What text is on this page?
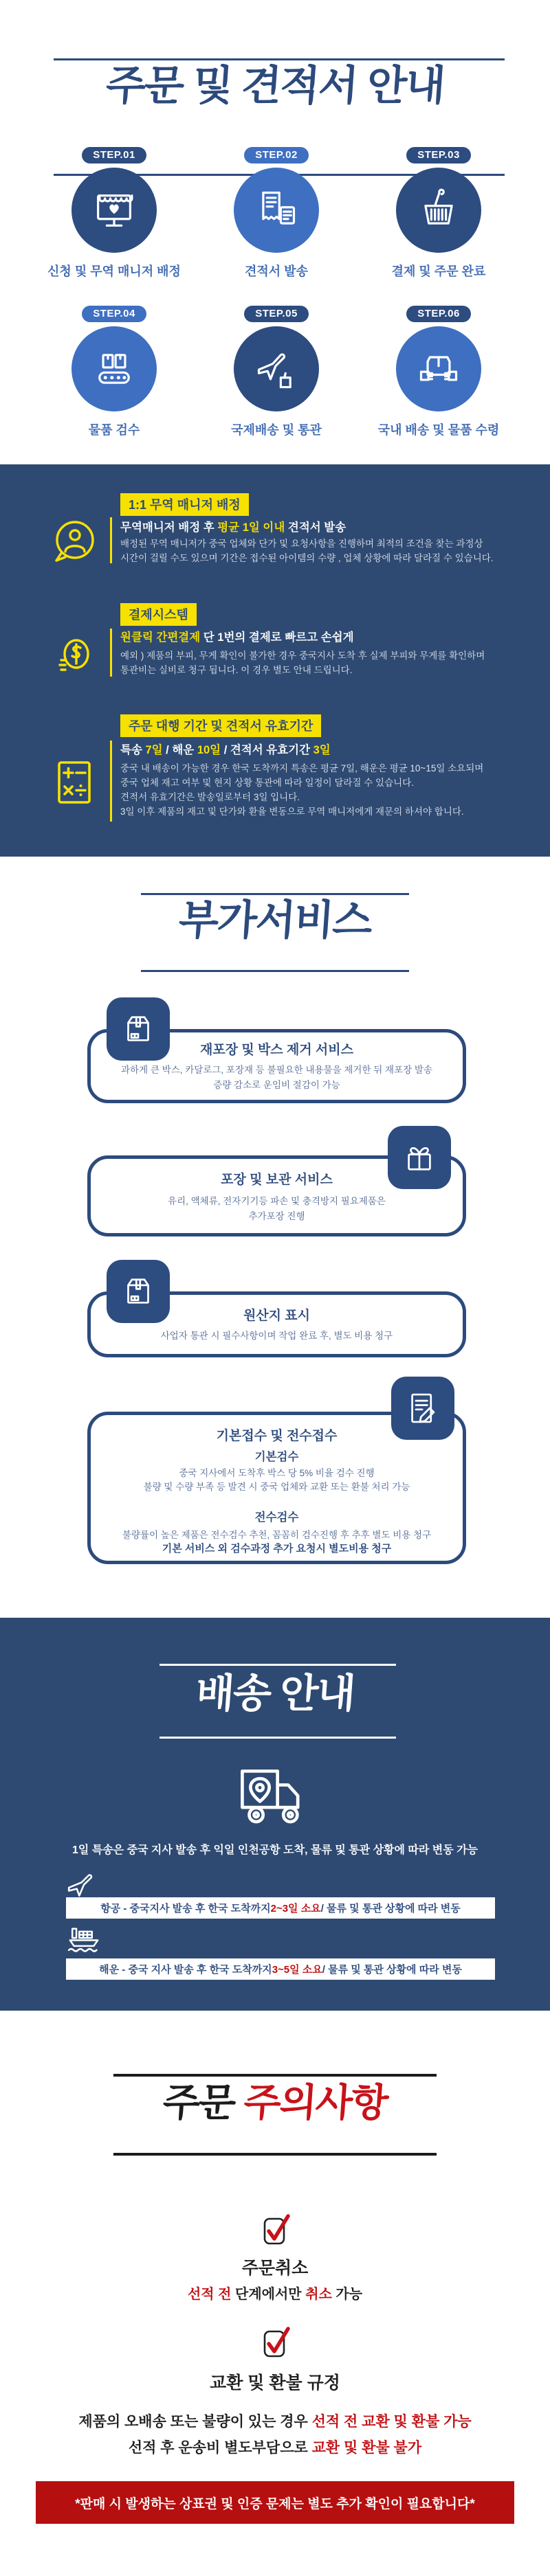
주문 및 견적서 안내
STEP.01
신청 및 무역 매니저 배정
STEP.02
견적서 발송
STEP.03
결제 및 주문 완료
STEP.04
물품 검수
STEP.05
국제배송 및 통관
STEP.06
국내 배송 및 물품 수령
1:1 무역 매니저 배정
무역매니저 배정 후 평균 1일 이내 견적서 발송
배정된 무역 매니저가 중국 업체와 단가 및 요청사항을 진행하며 최적의 조건을 찾는 과정상
시간이 걸릴 수도 있으며 기간은 접수된 아이템의 수량 , 업체 상황에 따라 달라질 수 있습니다.
결제시스템
원클릭 간편결제 단 1번의 결제로 빠르고 손쉽게
예외 ) 제품의 부피, 무게 확인이 불가한 경우 중국지사 도착 후 실제 부피와 무게를 확인하며
통관비는 실비로 청구 됩니다. 이 경우 별도 안내 드립니다.
주문 대행 기간 및 견적서 유효기간
특송 7일 / 해운 10일 / 견적서 유효기간 3일
중국 내 배송이 가능한 경우 한국 도착까지 특송은 평균 7일, 해운은 평균 10~15일 소요되며
중국 업체 재고 여부 및 현지 상황 통관에 따라 일정이 달라질 수 있습니다.
견적서 유효기간은 발송일로부터 3일 입니다.
3일 이후 제품의 재고 및 단가와 환율 변동으로 무역 매니저에게 재문의 하셔야 합니다.
부가서비스
재포장 및 박스 제거 서비스
과하게 큰 박스, 카달로그, 포장재 등 불필요한 내용물을 제거한 뒤 재포장 발송
증량 감소로 운임비 절감이 가능
포장 및 보관 서비스
유리, 액체류, 전자기기등 파손 및 충격방지 필요제품은
추가포장 진행
원산지 표시
사업자 통관 시 필수사항이며 작업 완료 후, 별도 비용 청구
기본접수 및 전수접수
기본검수
중국 지사에서 도착후 박스 당 5% 비율 검수 진행
불량 및 수량 부족 등 발견 시 중국 업체와 교환 또는 환불 처리 가능
전수검수
불량률이 높은 제품은 전수검수 추천, 꼼꼼히 검수진행 후 추후 별도 비용 청구
기본 서비스 외 검수과정 추가 요청시 별도비용 청구
배송 안내
1일 특송은 중국 지사 발송 후 익일 인천공항 도착, 물류 및 통관 상황에 따라 변동 가능
항공 - 중국지사 발송 후 한국 도착까지 2~3일 소요 / 물류 및 통관 상황에 따라 변동
해운 - 중국 지사 발송 후 한국 도착까지 3~5일 소요 / 물류 및 통관 상황에 따라 변동
주문 주의사항
주문취소
선적 전 단계에서만 취소 가능
교환 및 환불 규정
제품의 오배송 또는 불량이 있는 경우 선적 전 교환 및 환불 가능
선적 후 운송비 별도부담으로 교환 및 환불 불가
*판매 시 발생하는 상표권 및 인증 문제는 별도 추가 확인이 필요합니다*
